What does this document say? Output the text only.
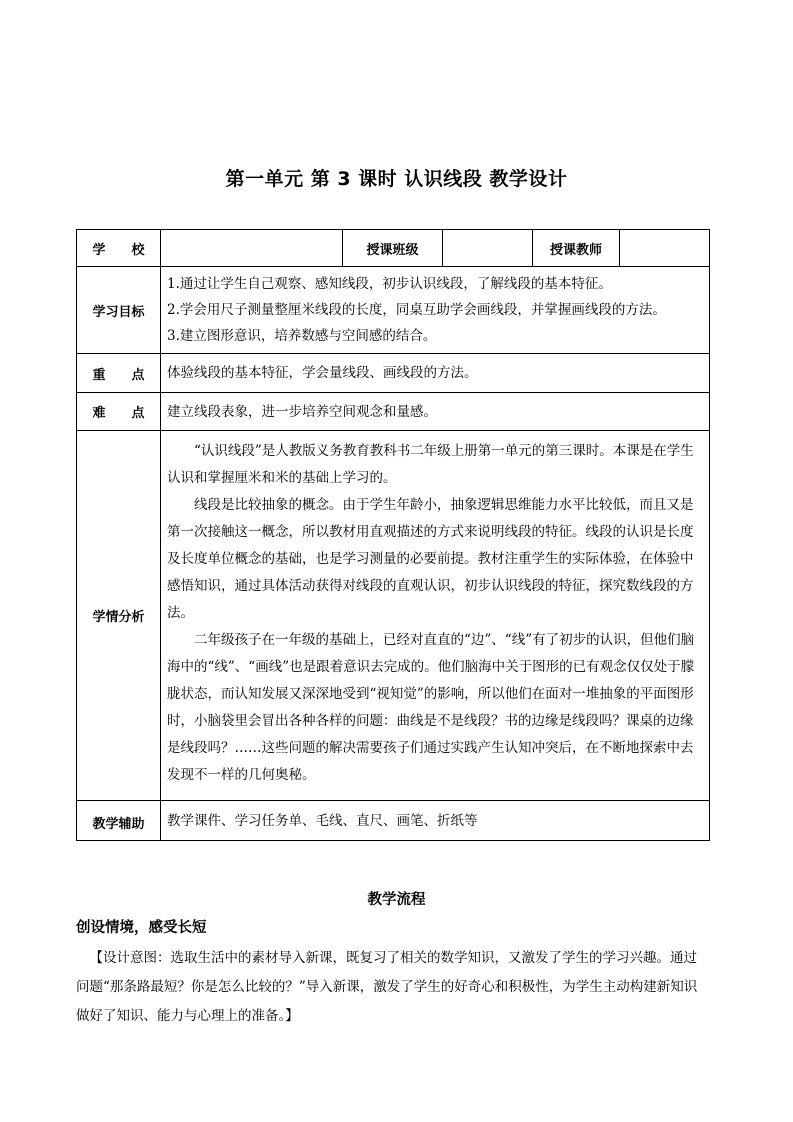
第一单元 第 3 课时 认识线段 教学设计
学　　校		授课班级		授课教师	
学习目标	1.通过让学生自己观察、感知线段，初步认识线段，了解线段的基本特征。

2.学会用尺子测量整厘米线段的长度，同桌互助学会画线段，并掌握画线段的方法。

3.建立图形意识，培养数感与空间感的结合。				

重　　点	体验线段的基本特征，学会量线段、画线段的方法。				
难　　点	建立线段表象，进一步培养空间观念和量感。				
学情分析	“认识线段”是人教版义务教育教科书二年级上册第一单元的第三课时。本课是在学生认识和掌握厘米和米的基础上学习的。

线段是比较抽象的概念。由于学生年龄小，抽象逻辑思维能力水平比较低，而且又是第一次接触这一概念，所以教材用直观描述的方式来说明线段的特征。线段的认识是长度及长度单位概念的基础，也是学习测量的必要前提。教材注重学生的实际体验，在体验中感悟知识，通过具体活动获得对线段的直观认识，初步认识线段的特征，探究数线段的方法。

二年级孩子在一年级的基础上，已经对直直的“边”、“线”有了初步的认识，但他们脑海中的“线”、“画线”也是跟着意识去完成的。他们脑海中关于图形的已有观念仅仅处于朦胧状态，而认知发展又深深地受到“视知觉”的影响，所以他们在面对一堆抽象的平面图形时，小脑袋里会冒出各种各样的问题：曲线是不是线段？书的边缘是线段吗？课桌的边缘是线段吗？……这些问题的解决需要孩子们通过实践产生认知冲突后，在不断地探索中去发现不一样的几何奥秘。				

教学辅助	教学课件、学习任务单、毛线、直尺、画笔、折纸等				
教学流程
创设情境，感受长短
【设计意图：选取生活中的素材导入新课，既复习了相关的数学知识，又激发了学生的学习兴趣。通过问题“那条路最短？你是怎么比较的？”导入新课，激发了学生的好奇心和积极性，为学生主动构建新知识做好了知识、能力与心理上的准备。】
